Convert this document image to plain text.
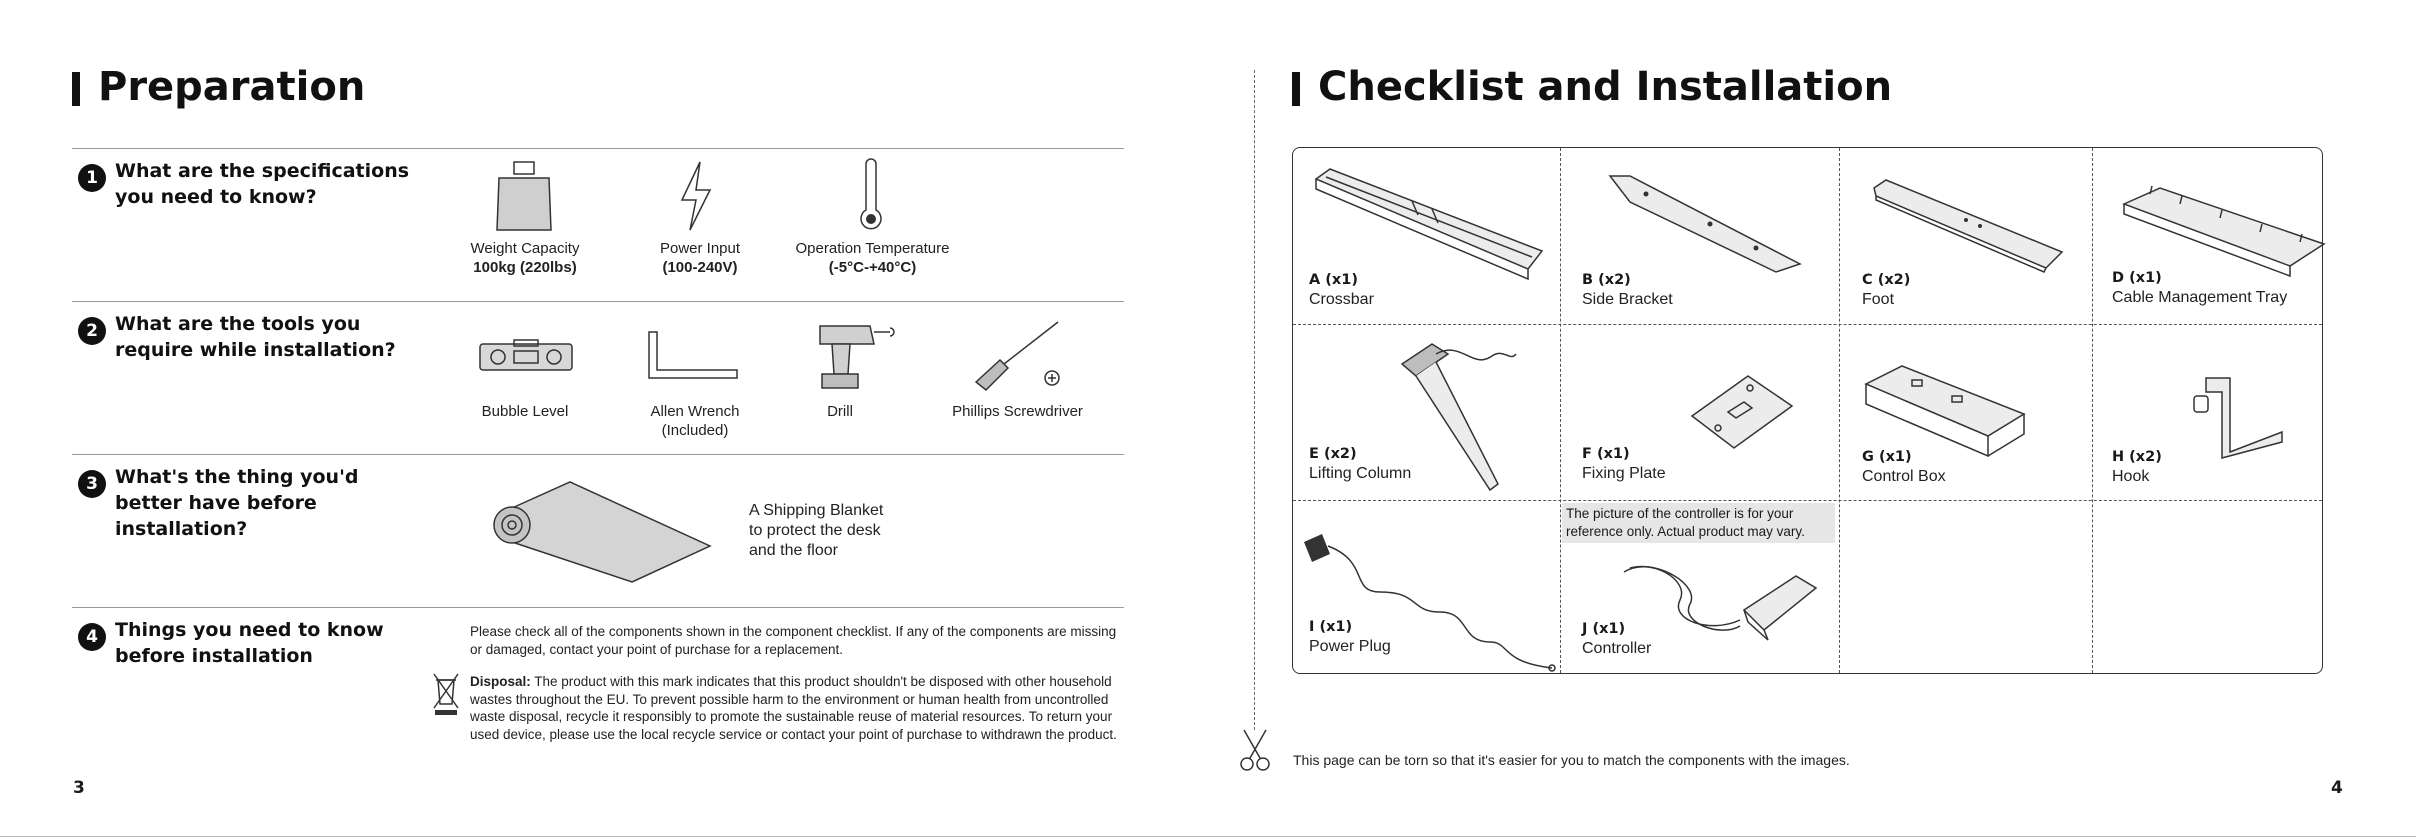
Preparation
1 What are the specifications
you need to know?
Weight Capacity
100kg (220lbs)
Power Input
(100-240V)
Operation Temperature
(-5°C-+40°C)
2 What are the tools you
require while installation?
Bubble Level	Allen Wrench
(Included)
Drill	Phillips Screwdriver
3 What's the thing you'd
better have before
installation?
A Shipping Blanket
to protect the desk
and the floor
4 Things you need to know
before installation
Please check all of the components shown in the component checklist. If any of the components are missing or damaged, contact your point of purchase for a replacement.
Disposal: The product with this mark indicates that this product shouldn't be disposed with other household wastes throughout the EU. To prevent possible harm to the environment or human health from uncontrolled waste disposal, recycle it responsibly to promote the sustainable reuse of material resources. To return your used device, please use the local recycle service or contact your point of purchase to withdrawn the product.
3
Checklist and Installation
A (x1)
Crossbar
B (x2)
Side Bracket
C (x2)
Foot
D (x1)
Cable Management Tray
E (x2)
Lifting Column
F (x1)
Fixing Plate
G (x1)
Control Box
H (x2)
Hook
I (x1)
Power Plug
The picture of the controller is for your reference only. Actual product may vary.
J (x1)
Controller
This page can be torn so that it's easier for you to match the components with the images.
4
